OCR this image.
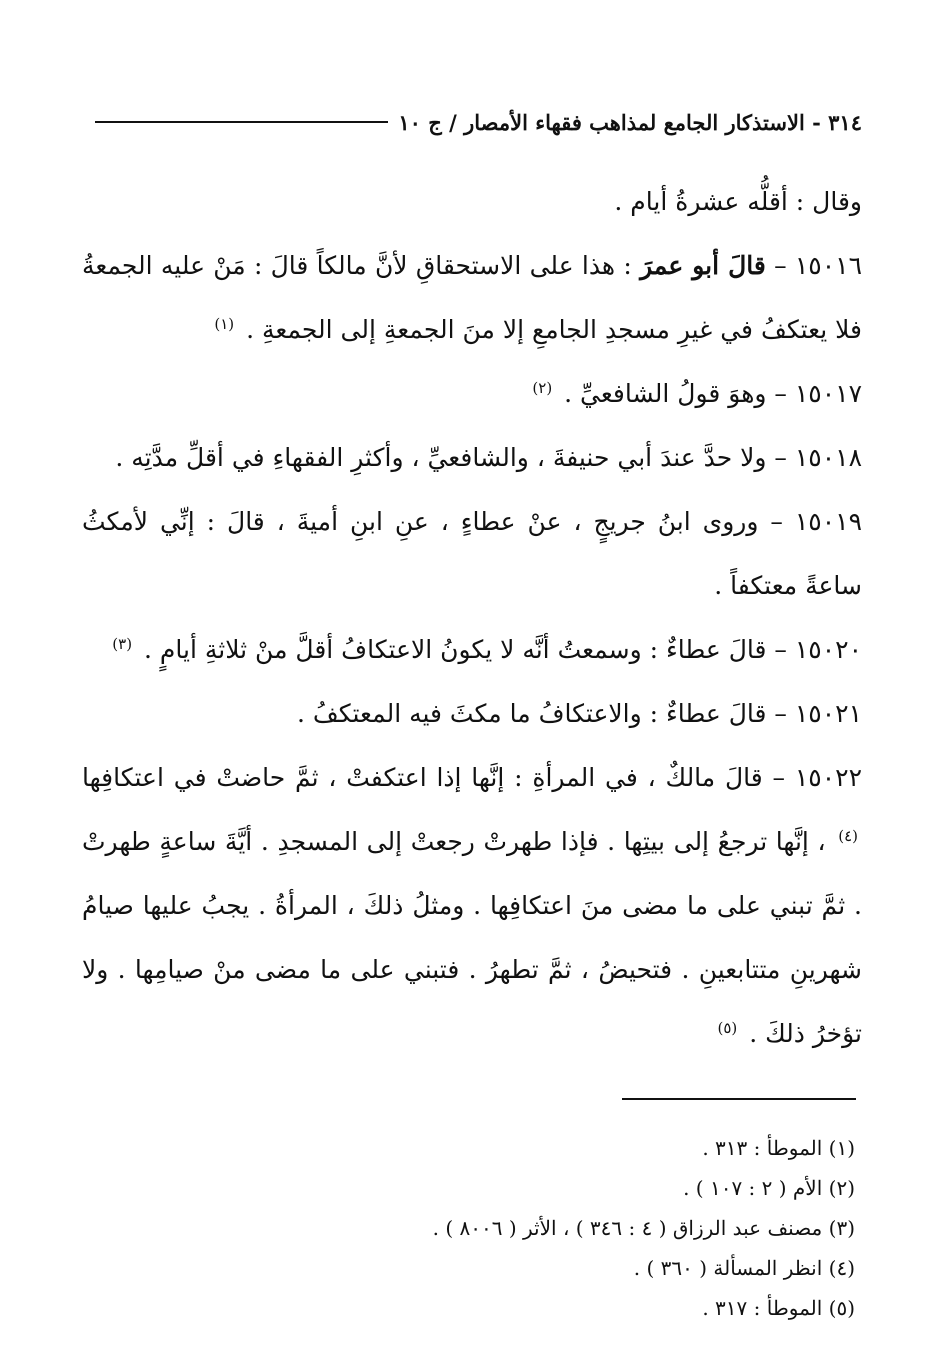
٣١٤ - الاستذكار الجامع لمذاهب فقهاء الأمصار / ج ١٠

وقال : أقلُّه عشرةُ أيام .

١٥٠١٦ – قالَ أبو عمرَ : هذا على الاستحقاقِ لأنَّ مالكاً قالَ : مَنْ عليه الجمعةُ فلا يعتكفُ في غيرِ مسجدِ الجامعِ إلا منَ الجمعةِ إلى الجمعةِ . $^{(١)}$

١٥٠١٧ – وهوَ قولُ الشافعيِّ . $^{(٢)}$

١٥٠١٨ – ولا حدَّ عندَ أبي حنيفةَ ، والشافعيِّ ، وأكثرِ الفقهاءِ في أقلِّ مدَّتِه .

١٥٠١٩ – وروى ابنُ جريجٍ ، عنْ عطاءٍ ، عنِ ابنِ أميةَ ، قالَ : إنِّي لأمكثُ ساعةً معتكفاً .

١٥٠٢٠ – قالَ عطاءٌ : وسمعتُ أنَّه لا يكونُ الاعتكافُ أقلَّ منْ ثلاثةِ أيامٍ . $^{(٣)}$

١٥٠٢١ – قالَ عطاءٌ : والاعتكافُ ما مكثَ فيه المعتكفُ .

١٥٠٢٢ – قالَ مالكٌ ، في المرأةِ : إنَّها إذا اعتكفتْ ، ثمَّ حاضتْ في اعتكافِها $^{(٤)}$ ، إنَّها ترجعُ إلى بيتِها . فإذا طهرتْ رجعتْ إلى المسجدِ . أيَّةَ ساعةٍ طهرتْ . ثمَّ تبني على ما مضى منَ اعتكافِها . ومثلُ ذلكَ ، المرأةُ . يجبُ عليها صيامُ شهرينِ متتابعينِ . فتحيضُ ، ثمَّ تطهرُ . فتبني على ما مضى منْ صيامِها . ولا تؤخرُ ذلكَ . $^{(٥)}$

(١) الموطأ : ٣١٣ .

(٢) الأم ( ٢ : ١٠٧ ) .

(٣) مصنف عبد الرزاق ( ٤ : ٣٤٦ ) ، الأثر ( ٨٠٠٦ ) .

(٤) انظر المسألة ( ٣٦٠ ) .

(٥) الموطأ : ٣١٧ .
